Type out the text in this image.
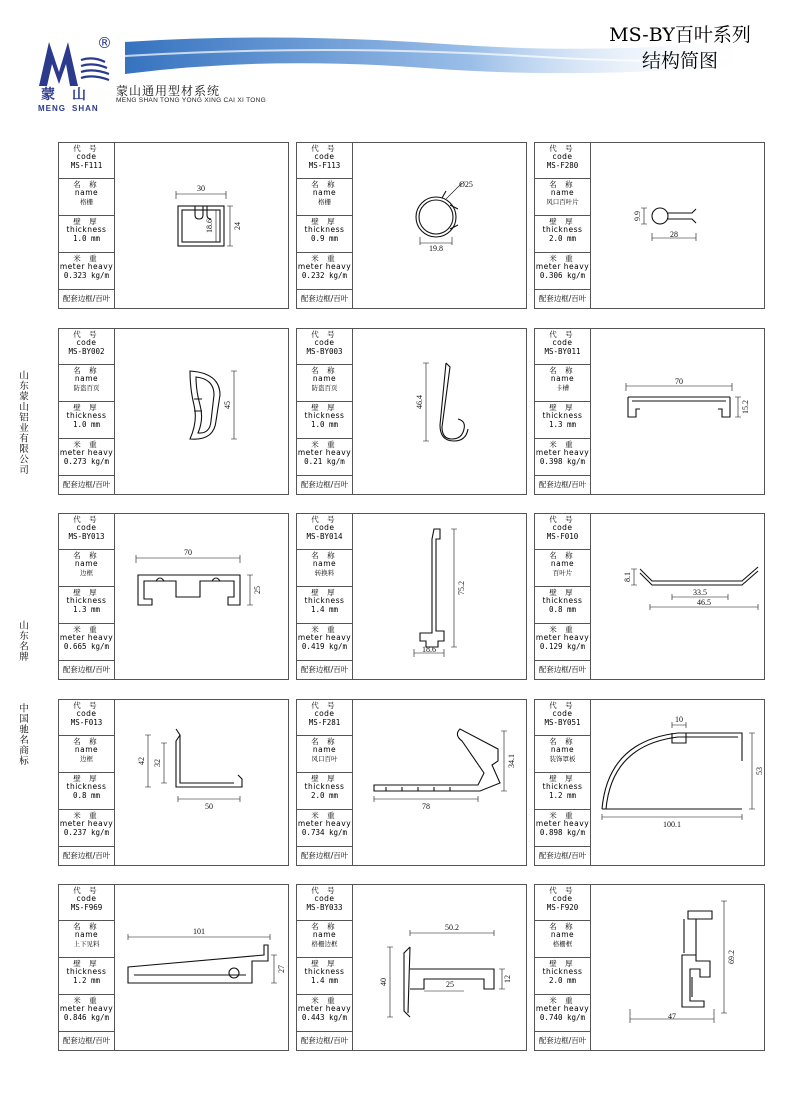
®
蒙 山
MENG SHAN
蒙山通用型材系统
MENG SHAN TONG YONG XING CAI XI TONG
MS-BY百叶系列
结构简图
山东蒙山铝业有限公司
山东名牌
中国驰名商标
代 号
code
MS-F111
名 称
name
格栅
壁 厚
thickness
1.0 mm
米 重
meter heavy
0.323 kg/m
配套边框/百叶
30
18.6 24
代 号
code
MS-F113
名 称
name
格栅
壁 厚
thickness
0.9 mm
米 重
meter heavy
0.232 kg/m
配套边框/百叶
Ø25
19.8
代 号
code
MS-F280
名 称
name
风口百叶片
壁 厚
thickness
2.0 mm
米 重
meter heavy
0.306 kg/m
配套边框/百叶
9.9
28
代 号
code
MS-BY002
名 称
name
防盗百页
壁 厚
thickness
1.0 mm
米 重
meter heavy
0.273 kg/m
配套边框/百叶
45
代 号
code
MS-BY003
名 称
name
防盗百页
壁 厚
thickness
1.0 mm
米 重
meter heavy
0.21 kg/m
配套边框/百叶
46.4
代 号
code
MS-BY011
名 称
name
卡槽
壁 厚
thickness
1.3 mm
米 重
meter heavy
0.398 kg/m
配套边框/百叶
70
15.2
代 号
code
MS-BY013
名 称
name
边框
壁 厚
thickness
1.3 mm
米 重
meter heavy
0.665 kg/m
配套边框/百叶
70
25
代 号
code
MS-BY014
名 称
name
转换料
壁 厚
thickness
1.4 mm
米 重
meter heavy
0.419 kg/m
配套边框/百叶
75.2
18.6
代 号
code
MS-F010
名 称
name
百叶片
壁 厚
thickness
0.8 mm
米 重
meter heavy
0.129 kg/m
配套边框/百叶
8.1
33.5
46.5
代 号
code
MS-F013
名 称
name
边框
壁 厚
thickness
0.8 mm
米 重
meter heavy
0.237 kg/m
配套边框/百叶
42 32
50
代 号
code
MS-F281
名 称
name
风口百叶
壁 厚
thickness
2.0 mm
米 重
meter heavy
0.734 kg/m
配套边框/百叶
34.1
78
代 号
code
MS-BY051
名 称
name
装饰罩板
壁 厚
thickness
1.2 mm
米 重
meter heavy
0.898 kg/m
配套边框/百叶
10
53
100.1
代 号
code
MS-F969
名 称
name
上下见料
壁 厚
thickness
1.2 mm
米 重
meter heavy
0.846 kg/m
配套边框/百叶
101
27
代 号
code
MS-BY033
名 称
name
格栅边框
壁 厚
thickness
1.4 mm
米 重
meter heavy
0.443 kg/m
配套边框/百叶
50.2
40	25
12
代 号
code
MS-F920
名 称
name
格栅框
壁 厚
thickness
2.0 mm
米 重
meter heavy
0.740 kg/m
配套边框/百叶
69.2
47
